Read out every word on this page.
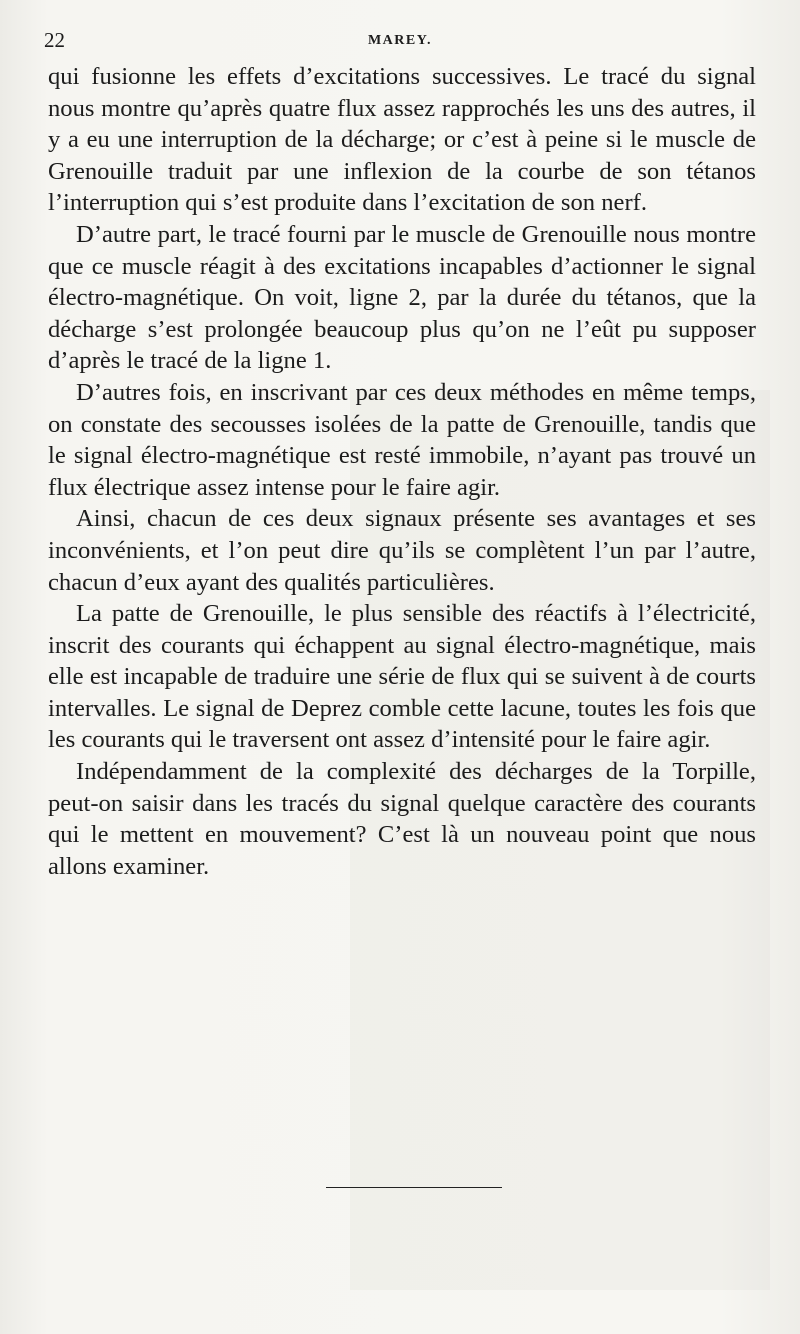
22	MAREY.

qui fusionne les effets d’excitations successives. Le tracé du signal nous montre qu’après quatre flux assez rapprochés les uns des autres, il y a eu une interruption de la décharge; or c’est à peine si le muscle de Grenouille traduit par une inflexion de la courbe de son tétanos l’interruption qui s’est produite dans l’excitation de son nerf.

D’autre part, le tracé fourni par le muscle de Grenouille nous montre que ce muscle réagit à des excitations incapables d’actionner le signal électro-magnétique. On voit, ligne 2, par la durée du tétanos, que la décharge s’est prolongée beaucoup plus qu’on ne l’eût pu supposer d’après le tracé de la ligne 1.

D’autres fois, en inscrivant par ces deux méthodes en même temps, on constate des secousses isolées de la patte de Grenouille, tandis que le signal électro-magnétique est resté immobile, n’ayant pas trouvé un flux électrique assez intense pour le faire agir.

Ainsi, chacun de ces deux signaux présente ses avantages et ses inconvénients, et l’on peut dire qu’ils se complètent l’un par l’autre, chacun d’eux ayant des qualités particulières.

La patte de Grenouille, le plus sensible des réactifs à l’électricité, inscrit des courants qui échappent au signal électro-magnétique, mais elle est incapable de traduire une série de flux qui se suivent à de courts intervalles. Le signal de Deprez comble cette lacune, toutes les fois que les courants qui le traversent ont assez d’intensité pour le faire agir.

Indépendamment de la complexité des décharges de la Torpille, peut-on saisir dans les tracés du signal quelque caractère des courants qui le mettent en mouvement? C’est là un nouveau point que nous allons examiner.
